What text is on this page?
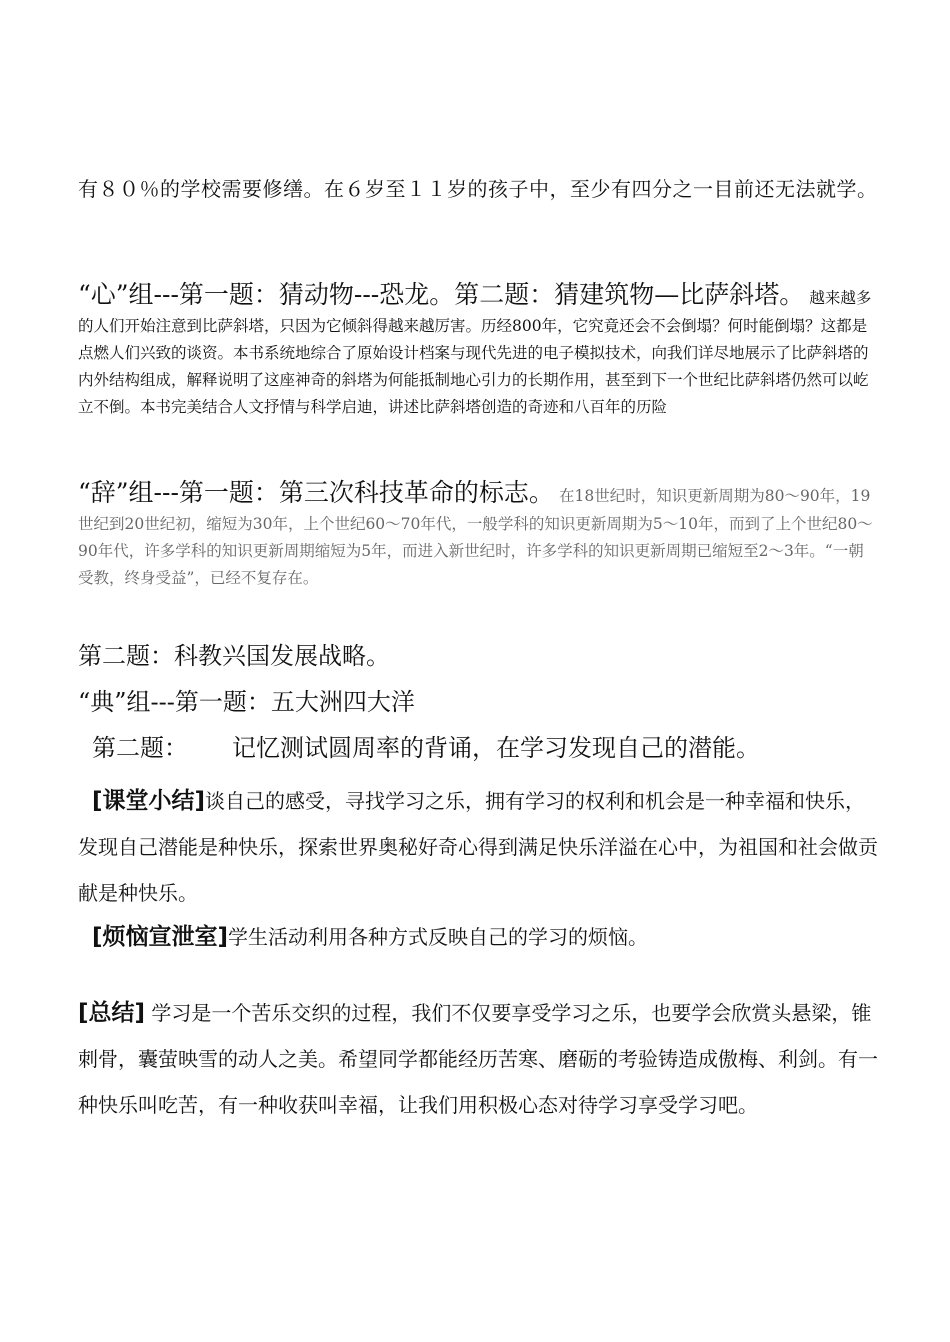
有８０％的学校需要修缮。在６岁至１１岁的孩子中，至少有四分之一目前还无法就学。

“心”组---第一题：猜动物---恐龙。第二题：猜建筑物—比萨斜塔。 越来越多的人们开始注意到比萨斜塔，只因为它倾斜得越来越厉害。历经800年，它究竟还会不会倒塌？何时能倒塌？这都是点燃人们兴致的谈资。本书系统地综合了原始设计档案与现代先进的电子模拟技术，向我们详尽地展示了比萨斜塔的内外结构组成，解释说明了这座神奇的斜塔为何能抵制地心引力的长期作用，甚至到下一个世纪比萨斜塔仍然可以屹立不倒。本书完美结合人文抒情与科学启迪，讲述比萨斜塔创造的奇迹和八百年的历险

“辞”组---第一题：第三次科技革命的标志。 在18世纪时，知识更新周期为80～90年，19世纪到20世纪初，缩短为30年，上个世纪60～70年代，一般学科的知识更新周期为5～10年，而到了上个世纪80～90年代，许多学科的知识更新周期缩短为5年，而进入新世纪时，许多学科的知识更新周期已缩短至2～3年。“一朝受教，终身受益”，已经不复存在。

第二题：科教兴国发展战略。

“典”组---第一题：五大洲四大洋

第二题： 记忆测试圆周率的背诵，在学习发现自己的潜能。

[课堂小结]谈自己的感受，寻找学习之乐，拥有学习的权利和机会是一种幸福和快乐，发现自己潜能是种快乐，探索世界奥秘好奇心得到满足快乐洋溢在心中，为祖国和社会做贡献是种快乐。

[烦恼宣泄室]学生活动利用各种方式反映自己的学习的烦恼。

[总结] 学习是一个苦乐交织的过程，我们不仅要享受学习之乐，也要学会欣赏头悬梁，锥刺骨，囊萤映雪的动人之美。希望同学都能经历苦寒、磨砺的考验铸造成傲梅、利剑。有一种快乐叫吃苦，有一种收获叫幸福，让我们用积极心态对待学习享受学习吧。
